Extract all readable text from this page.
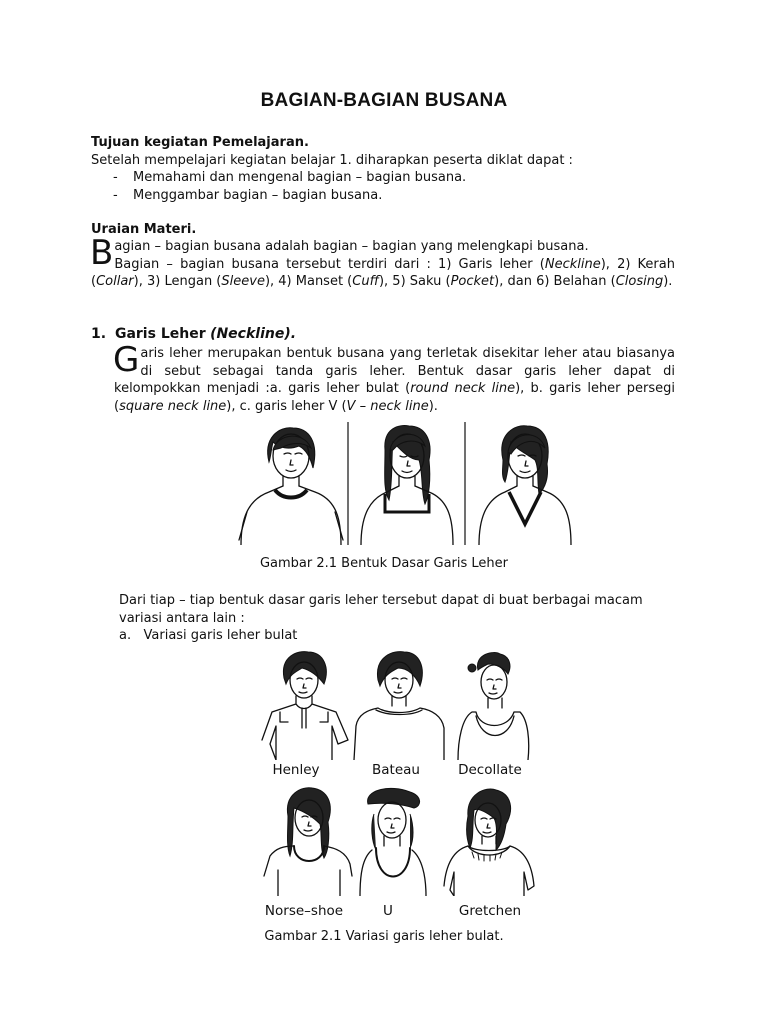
BAGIAN-BAGIAN BUSANA
Tujuan kegiatan Pemelajaran.
Setelah mempelajari kegiatan belajar 1. diharapkan peserta diklat dapat :
-	Memahami dan mengenal bagian – bagian busana.
-	Menggambar bagian – bagian busana.
Uraian Materi.
B agian – bagian busana adalah bagian – bagian yang melengkapi busana.
Bagian – bagian busana tersebut terdiri dari : 1) Garis leher (Neckline), 2) Kerah (Collar), 3) Lengan (Sleeve), 4) Manset (Cuff), 5) Saku (Pocket), dan 6) Belahan (Closing).
1. Garis Leher (Neckline).
G aris leher merupakan bentuk busana yang terletak disekitar leher atau biasanya di sebut sebagai tanda garis leher. Bentuk dasar garis leher dapat di kelompokkan menjadi :a. garis leher bulat (round neck line), b. garis leher persegi (square neck line), c. garis leher V (V – neck line).
Gambar 2.1 Bentuk Dasar Garis Leher
Dari tiap – tiap bentuk dasar garis leher tersebut dapat di buat berbagai macam variasi antara lain :
a. Variasi garis leher bulat
Henley	Bateau	Decollate
Norse–shoe	U	Gretchen
Gambar 2.1 Variasi garis leher bulat.
